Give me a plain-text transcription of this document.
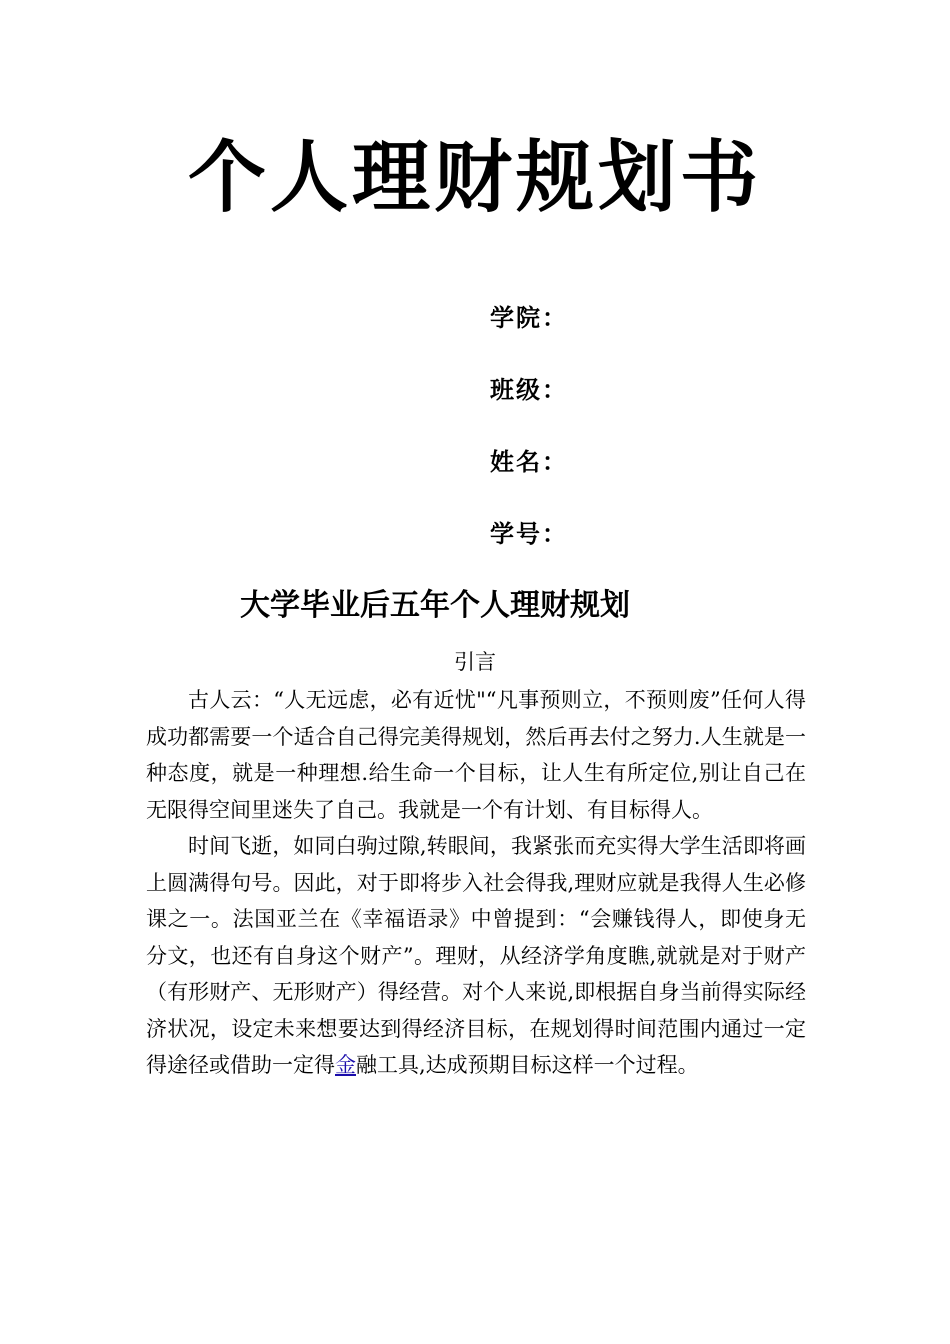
个人理财规划书
学院：
班级：
姓名：
学号：
大学毕业后五年个人理财规划
引言

古人云：“人无远虑，必有近忧"“凡事预则立，不预则废”任何人得成功都需要一个适合自己得完美得规划，然后再去付之努力.人生就是一种态度，就是一种理想.给生命一个目标，让人生有所定位,别让自己在无限得空间里迷失了自己。我就是一个有计划、有目标得人。

时间飞逝，如同白驹过隙,转眼间，我紧张而充实得大学生活即将画上圆满得句号。因此，对于即将步入社会得我,理财应就是我得人生必修课之一。法国亚兰在《幸福语录》中曾提到：“会赚钱得人，即使身无分文，也还有自身这个财产”。理财，从经济学角度瞧,就就是对于财产（有形财产、无形财产）得经营。对个人来说,即根据自身当前得实际经济状况，设定未来想要达到得经济目标，在规划得时间范围内通过一定得途径或借助一定得金融工具,达成预期目标这样一个过程。
